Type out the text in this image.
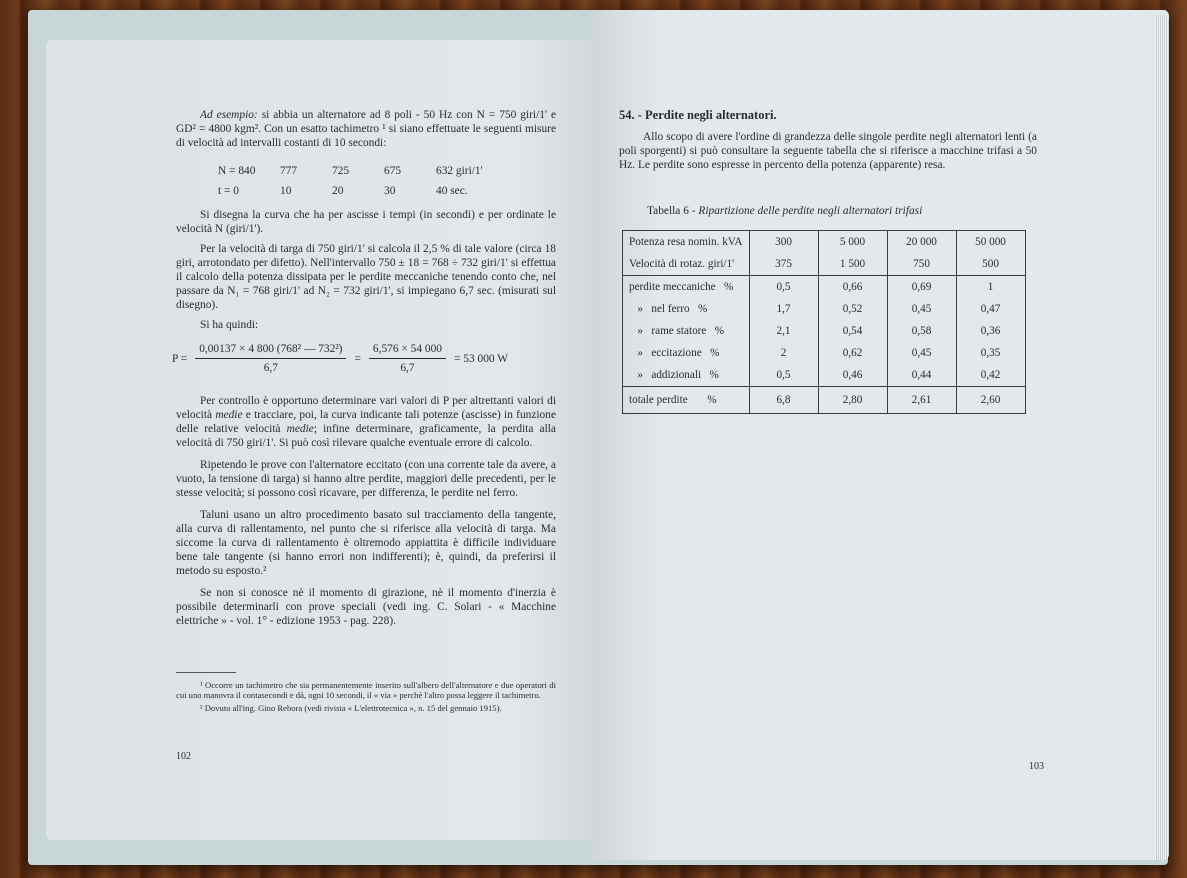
Ad esempio: si abbia un alternatore ad 8 poli - 50 Hz con N = 750 giri/1' e GD² = 4800 kgm². Con un esatto tachimetro ¹ si siano effettuate le seguenti misure di velocità ad intervalli costanti di 10 secondi:

N = 840	777	725	675	632 giri/1'
t = 0	10	20	30	40 sec.

Si disegna la curva che ha per ascisse i tempi (in secondi) e per ordinate le velocità N (giri/1').

Per la velocità di targa di 750 giri/1' si calcola il 2,5 % di tale valore (circa 18 giri, arrotondato per difetto). Nell'intervallo 750 ± 18 = 768 ÷ 732 giri/1' si effettua il calcolo della potenza dissipata per le perdite meccaniche tenendo conto che, nel passare da N₁ = 768 giri/1' ad N₂ = 732 giri/1', si impiegano 6,7 sec. (misurati sul disegno).

Si ha quindi:

$P = \frac{\text{0,00137 × 4 800 (768² — 732²)}}{6,7} = \frac{6,576 \times 54 000}{6,7} = 53$ 000 W

Per controllo è opportuno determinare vari valori di P per altrettanti valori di velocità medie e tracciare, poi, la curva indicante tali potenze (ascisse) in funzione delle relative velocità medie; infine determinare, graficamente, la perdita alla velocità di 750 giri/1'. Si può così rilevare qualche eventuale errore di calcolo.

Ripetendo le prove con l'alternatore eccitato (con una corrente tale da avere, a vuoto, la tensione di targa) si hanno altre perdite, maggiori delle precedenti, per le stesse velocità; si possono così ricavare, per differenza, le perdite nel ferro.

Taluni usano un altro procedimento basato sul tracciamento della tangente, alla curva di rallentamento, nel punto che si riferisce alla velocità di targa. Ma siccome la curva di rallentamento è oltremodo appiattita è difficile individuare bene tale tangente (si hanno errori non indifferenti); è, quindi, da preferirsi il metodo su esposto.²

Se non si conosce nè il momento di girazione, nè il momento d'inerzia è possibile determinarli con prove speciali (vedi ing. C. Solari - « Macchine elettriche » - vol. 1° - edizione 1953 - pag. 228).

¹ Occorre un tachimetro che sia permanentemente inserito sull'albero dell'alternatore e due operatori di cui uno manovra il contasecondi e dà, ogni 10 secondi, il « via » perchè l'altro possa leggere il tachimetro.

² Dovuto all'ing. Gino Rebora (vedi rivista « L'elettrotecnica », n. 15 del gennaio 1915).

102
54. - Perdite negli alternatori.

Allo scopo di avere l'ordine di grandezza delle singole perdite negli alternatori lenti (a poli sporgenti) si può consultare la seguente tabella che si riferisce a macchine trifasi a 50 Hz. Le perdite sono espresse in percento della potenza (apparente) resa.

Tabella 6 - Ripartizione delle perdite negli alternatori trifasi
Potenza resa nomin. kVA	300	5 000	20 000	50 000
Velocità di rotaz. giri/1'	375	1 500	750	500
perdite meccaniche   %	0,5	0,66	0,69	1
»   nel ferro   %	1,7	0,52	0,45	0,47
»   rame statore   %	2,1	0,54	0,58	0,36
»   eccitazione   %	2	0,62	0,45	0,35
»   addizionali   %	0,5	0,46	0,44	0,42
totale perdite       %	6,8	2,80	2,61	2,60
103
